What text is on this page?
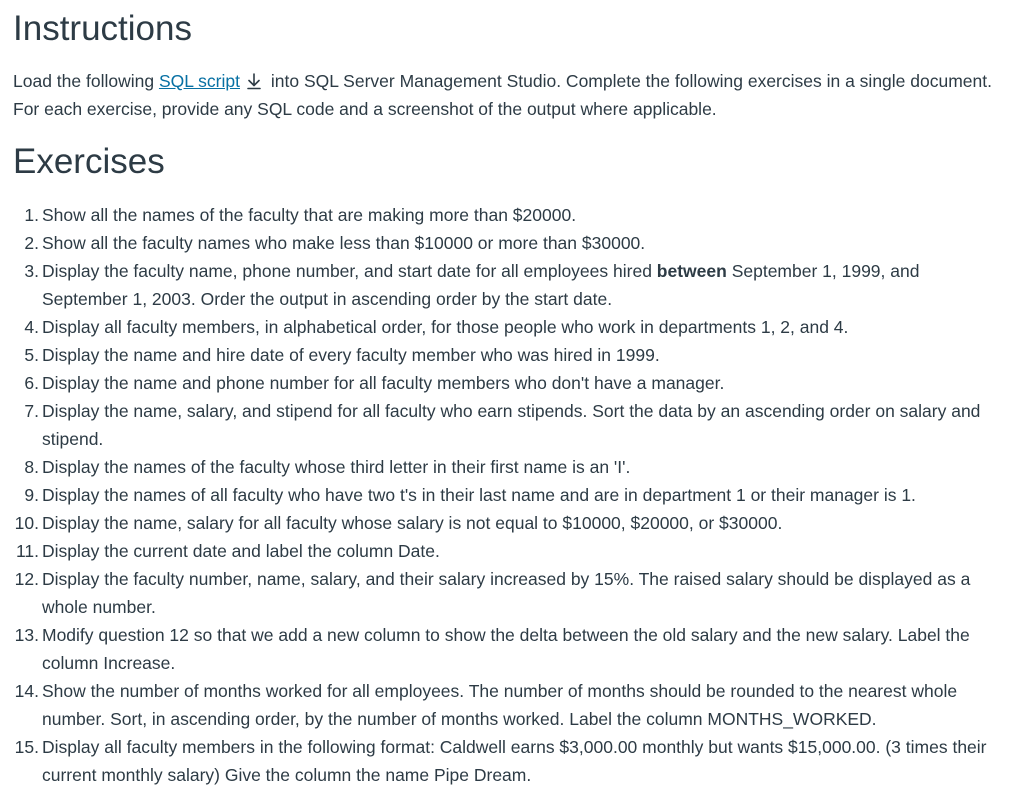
Instructions

Load the following SQL script into SQL Server Management Studio. Complete the following exercises in a single document. For each exercise, provide any SQL code and a screenshot of the output where applicable.

Exercises
1. Show all the names of the faculty that are making more than $20000.
2. Show all the faculty names who make less than $10000 or more than $30000.
3. Display the faculty name, phone number, and start date for all employees hired between September 1, 1999, and September 1, 2003. Order the output in ascending order by the start date.
4. Display all faculty members, in alphabetical order, for those people who work in departments 1, 2, and 4.
5. Display the name and hire date of every faculty member who was hired in 1999.
6. Display the name and phone number for all faculty members who don't have a manager.
7. Display the name, salary, and stipend for all faculty who earn stipends. Sort the data by an ascending order on salary and stipend.
8. Display the names of the faculty whose third letter in their first name is an 'I'.
9. Display the names of all faculty who have two t's in their last name and are in department 1 or their manager is 1.
10. Display the name, salary for all faculty whose salary is not equal to $10000, $20000, or $30000.
11. Display the current date and label the column Date.
12. Display the faculty number, name, salary, and their salary increased by 15%. The raised salary should be displayed as a whole number.
13. Modify question 12 so that we add a new column to show the delta between the old salary and the new salary. Label the column Increase.
14. Show the number of months worked for all employees. The number of months should be rounded to the nearest whole number. Sort, in ascending order, by the number of months worked. Label the column MONTHS_WORKED.
15. Display all faculty members in the following format: Caldwell earns $3,000.00 monthly but wants $15,000.00. (3 times their current monthly salary) Give the column the name Pipe Dream.
